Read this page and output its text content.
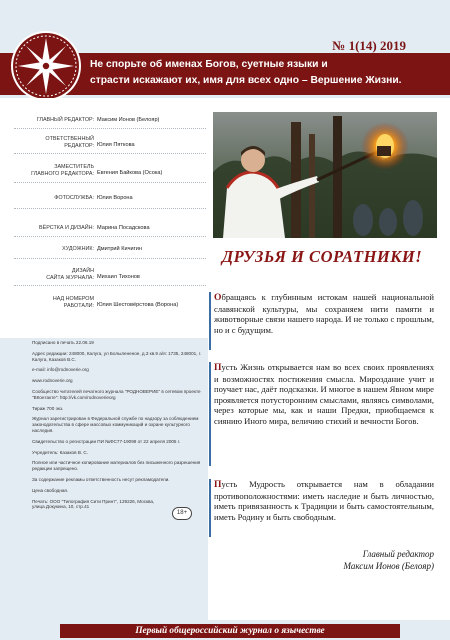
№ 1(14) 2019
Не спорьте об именах Богов, суетные языки и
страсти искажают их, имя для всех одно – Вершение Жизни.
ГЛАВНЫЙ РЕДАКТОР: Максим Ионов (Белояр)
ОТВЕТСТВЕННЫЙ
РЕДАКТОР: Юлия Пяткова
ЗАМЕСТИТЕЛЬ
ГЛАВНОГО РЕДАКТОРА: Евгения Байкова (Осока)
ФОТОСЛУЖБА: Юлия Ворона
ВЁРСТКА И ДИЗАЙН: Марина Посадскова
ХУДОЖНИК: Дмитрий Кичигин
ДИЗАЙН
САЙТА ЖУРНАЛА: Михаил Тихонов
НАД НОМЕРОМ
РАБОТАЛИ: Юлия Шестовёрстова (Ворона)

Подписано в печать 22.06.19

Адрес редакции: 248000, Калуга, ул Болылененое, д.3 кв.9 а/я: 1735, 248001, г. Калуга, Казаков В.С.

e-mail: info@rodnoverie.org

www.rodnoverie.org

Сообщество читателей печатного журнала "РОДНОВЕРИЕ" в сетевом проекте "ВКонтакте": http://vk.com/rodnoverieorg

Тираж 700 экз.

Журнал зарегистрирован в Федеральной службе по надзору за соблюдением законодательства в сфере массовых коммуникаций и охране культурного наследия.

Свидетельство о регистрации ПИ №ФС77-19099 от 22 апреля 2005 г.

Учредитель: Казаков В. С.

Полное или частичное копирование материалов без письменного разрешения редакции запрещено.

За содержание рекламы ответственность несут рекламодатели.

Цена свободная.

Печать: ООО "Типография Сити Принт", 129226, Москва, улица Докукина, 10, стр.41

18+
ДРУЗЬЯ И СОРАТНИКИ!
Обращаясь к глубинным истокам нашей национальной славянской культуры, мы сохраняем нити памяти и животворные связи нашего народа. И не только с прошлым, но и с будущим.
Пусть Жизнь открывается нам во всех своих проявлениях и возможностях постижения смысла. Мироздание учит и поучает нас, даёт подсказки. И многое в нашем Явном мире проявляется потусторонним смыслами, являясь символами, через которые мы, как и наши Предки, приобщаемся к сиянию Иного мира, величию стихий и вечности Богов.
Пусть Мудрость открывается нам в обладании противоположностями: иметь наследие и быть личностью, иметь привязанность к Традиции и быть самостоятельным, иметь Родину и быть свободным.
Главный редактор
Максим Ионов (Белояр)
Первый общероссийский журнал о язычестве
